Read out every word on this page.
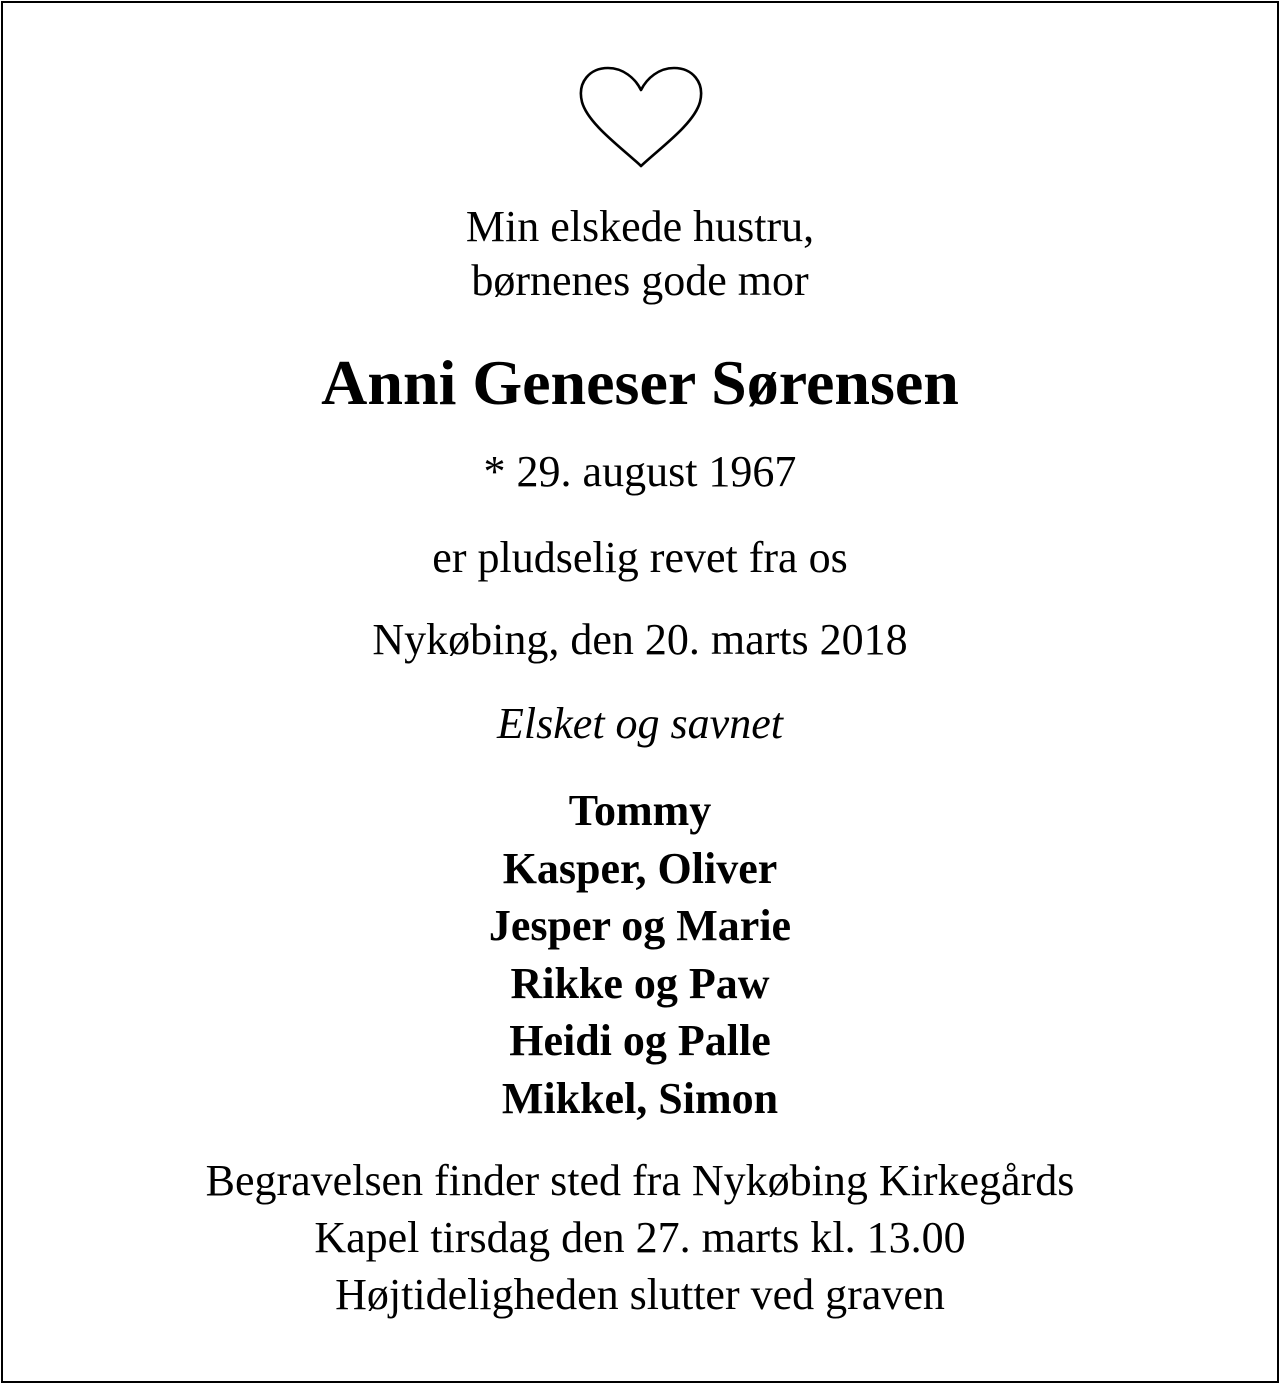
Min elskede hustru,
børnenes gode mor
Anni Geneser Sørensen
* 29. august 1967
er pludselig revet fra os
Nykøbing, den 20. marts 2018
Elsket og savnet
Tommy
Kasper, Oliver
Jesper og Marie
Rikke og Paw
Heidi og Palle
Mikkel, Simon
Begravelsen finder sted fra Nykøbing Kirkegårds
Kapel tirsdag den 27. marts kl. 13.00
Højtideligheden slutter ved graven
